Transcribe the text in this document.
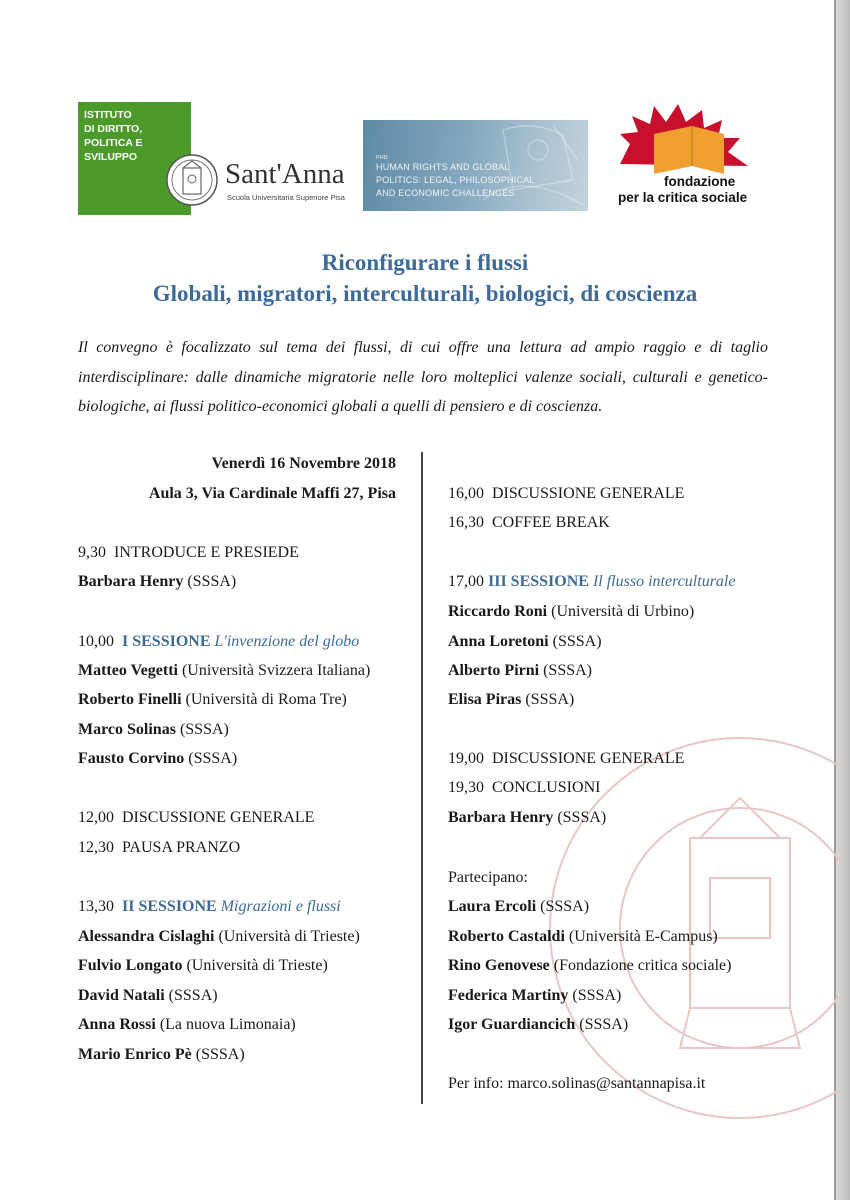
ISTITUTO
DI DIRITTO,
POLITICA E
SVILUPPO
Sant'Anna
Scuola Universitaria Superiore Pisa
PHD
HUMAN RIGHTS AND GLOBAL
POLITICS: LEGAL, PHILOSOPHICAL
AND ECONOMIC CHALLENGES
fondazione
per la critica sociale
Riconfigurare i flussi
Globali, migratori, interculturali, biologici, di coscienza
Il convegno è focalizzato sul tema dei flussi, di cui offre una lettura ad ampio raggio e di taglio interdisciplinare: dalle dinamiche migratorie nelle loro molteplici valenze sociali, culturali e genetico-biologiche, ai flussi politico-economici globali a quelli di pensiero e di coscienza.
Venerdì 16 Novembre 2018
Aula 3, Via Cardinale Maffi 27, Pisa
9,30 INTRODUCE E PRESIEDE
Barbara Henry (SSSA)
10,00 I SESSIONE L'invenzione del globo
Matteo Vegetti (Università Svizzera Italiana)
Roberto Finelli (Università di Roma Tre)
Marco Solinas (SSSA)
Fausto Corvino (SSSA)
12,00 DISCUSSIONE GENERALE
12,30 PAUSA PRANZO
13,30 II SESSIONE Migrazioni e flussi
Alessandra Cislaghi (Università di Trieste)
Fulvio Longato (Università di Trieste)
David Natali (SSSA)
Anna Rossi (La nuova Limonaia)
Mario Enrico Pè (SSSA)
16,00 DISCUSSIONE GENERALE
16,30 COFFEE BREAK
17,00 III SESSIONE Il flusso interculturale
Riccardo Roni (Università di Urbino)
Anna Loretoni (SSSA)
Alberto Pirni (SSSA)
Elisa Piras (SSSA)
19,00 DISCUSSIONE GENERALE
19,30 CONCLUSIONI
Barbara Henry (SSSA)
Partecipano:
Laura Ercoli (SSSA)
Roberto Castaldi (Università E-Campus)
Rino Genovese (Fondazione critica sociale)
Federica Martiny (SSSA)
Igor Guardiancich (SSSA)
Per info: marco.solinas@santannapisa.it
